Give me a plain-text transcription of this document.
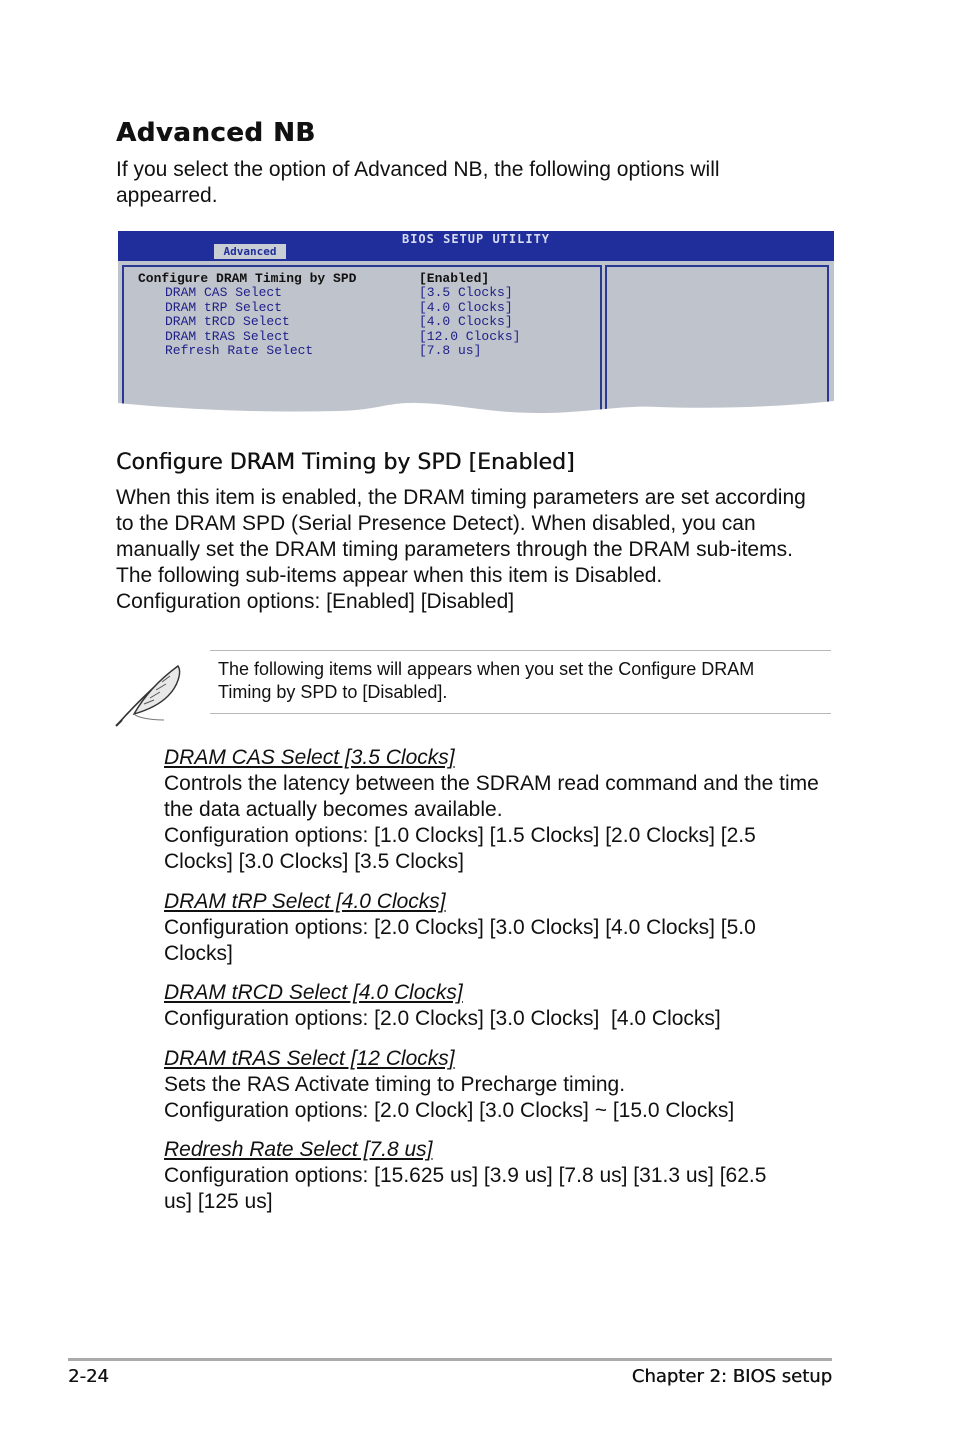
Advanced NB

If you select the option of Advanced NB, the following options will appearred.

BIOS SETUP UTILITY
Advanced
Configure DRAM Timing by SPD	[Enabled]
DRAM CAS Select	[3.5 Clocks]
DRAM tRP Select	[4.0 Clocks]
DRAM tRCD Select	[4.0 Clocks]
DRAM tRAS Select	[12.0 Clocks]
Refresh Rate Select	[7.8 us]
Configure DRAM Timing by SPD [Enabled]

When this item is enabled, the DRAM timing parameters are set according

to the DRAM SPD (Serial Presence Detect). When disabled, you can

manually set the DRAM timing parameters through the DRAM sub-items.

The following sub-items appear when this item is Disabled.

Configuration options: [Enabled] [Disabled]

The following items will appears when you set the Configure DRAM
Timing by SPD to [Disabled].
DRAM CAS Select [3.5 Clocks]
Controls the latency between the SDRAM read command and the time
the data actually becomes available.
Configuration options: [1.0 Clocks] [1.5 Clocks] [2.0 Clocks] [2.5
Clocks] [3.0 Clocks] [3.5 Clocks]
DRAM tRP Select [4.0 Clocks]
Configuration options: [2.0 Clocks] [3.0 Clocks] [4.0 Clocks] [5.0
Clocks]
DRAM tRCD Select [4.0 Clocks]
Configuration options: [2.0 Clocks] [3.0 Clocks]  [4.0 Clocks]
DRAM tRAS Select [12 Clocks]
Sets the RAS Activate timing to Precharge timing.
Configuration options: [2.0 Clock] [3.0 Clocks] ~ [15.0 Clocks]
Redresh Rate Select [7.8 us]
Configuration options: [15.625 us] [3.9 us] [7.8 us] [31.3 us] [62.5
us] [125 us]
2-24	Chapter 2: BIOS setup
